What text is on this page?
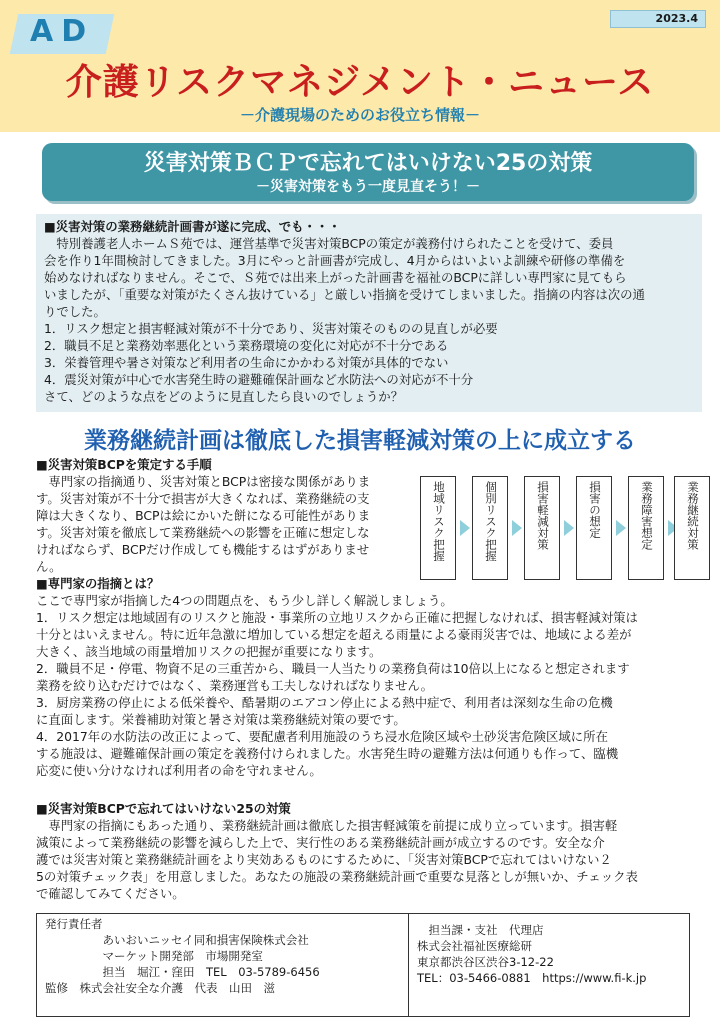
AD	2023.4
介護リスクマネジメント・ニュース
－介護現場のためのお役立ち情報－
災害対策ＢＣＰで忘れてはいけない25の対策
－災害対策をもう一度見直そう！－

■災害対策の業務継続計画書が遂に完成、でも・・・

　特別養護老人ホームＳ苑では、運営基準で災害対策BCPの策定が義務付けられたことを受けて、委員

会を作り1年間検討してきました。3月にやっと計画書が完成し、4月からはいよいよ訓練や研修の準備を

始めなければなりません。そこで、Ｓ苑では出来上がった計画書を福祉のBCPに詳しい専門家に見てもら

いましたが、「重要な対策がたくさん抜けている」と厳しい指摘を受けてしまいました。指摘の内容は次の通

りでした。

1．リスク想定と損害軽減対策が不十分であり、災害対策そのものの見直しが必要

2．職員不足と業務効率悪化という業務環境の変化に対応が不十分である

3．栄養管理や暑さ対策など利用者の生命にかかわる対策が具体的でない

4．震災対策が中心で水害発生時の避難確保計画など水防法への対応が不十分

さて、どのような点をどのように見直したら良いのでしょうか？

業務継続計画は徹底した損害軽減対策の上に成立する

■災害対策BCPを策定する手順

　専門家の指摘通り、災害対策とBCPは密接な関係がありま

す。災害対策が不十分で損害が大きくなれば、業務継続の支

障は大きくなり、BCPは絵にかいた餅になる可能性がありま

す。災害対策を徹底して業務継続への影響を正確に想定しな

ければならず、BCPだけ作成しても機能するはずがありませ

ん。

地域リスク把握	個別リスク把握	損害軽減対策	損害の想定	業務障害想定	業務継続対策

■専門家の指摘とは？

ここで専門家が指摘した4つの問題点を、もう少し詳しく解説しましょう。

1．リスク想定は地域固有のリスクと施設・事業所の立地リスクから正確に把握しなければ、損害軽減対策は

十分とはいえません。特に近年急激に増加している想定を超える雨量による豪雨災害では、地域による差が

大きく、該当地域の雨量増加リスクの把握が重要になります。

2．職員不足・停電、物資不足の三重苦から、職員一人当たりの業務負荷は10倍以上になると想定されます

業務を絞り込むだけではなく、業務運営も工夫しなければなりません。

3．厨房業務の停止による低栄養や、酷暑期のエアコン停止による熱中症で、利用者は深刻な生命の危機

に直面します。栄養補助対策と暑さ対策は業務継続対策の要です。

4．2017年の水防法の改正によって、要配慮者利用施設のうち浸水危険区域や土砂災害危険区域に所在

する施設は、避難確保計画の策定を義務付けられました。水害発生時の避難方法は何通りも作って、臨機

応変に使い分けなければ利用者の命を守れません。

■災害対策BCPで忘れてはいけない25の対策

　専門家の指摘にもあった通り、業務継続計画は徹底した損害軽減策を前提に成り立っています。損害軽

減策によって業務継続の影響を減らした上で、実行性のある業務継続計画が成立するのです。安全な介

護では災害対策と業務継続計画をより実効あるものにするために、「災害対策BCPで忘れてはいけない２

5の対策チェック表」を用意しました。あなたの施設の業務継続計画で重要な見落としが無いか、チェック表

で確認してみてください。

発行責任者

　　　　　あいおいニッセイ同和損害保険株式会社

　　　　　マーケット開発部　市場開発室

　　　　　担当　堀江・窪田　TEL　03-5789-6456

監修　株式会社安全な介護　代表　山田　滋

　担当課・支社　代理店

株式会社福祉医療総研

東京都渋谷区渋谷3-12-22

TEL：03-5466-0881　https://www.fi-k.jp
